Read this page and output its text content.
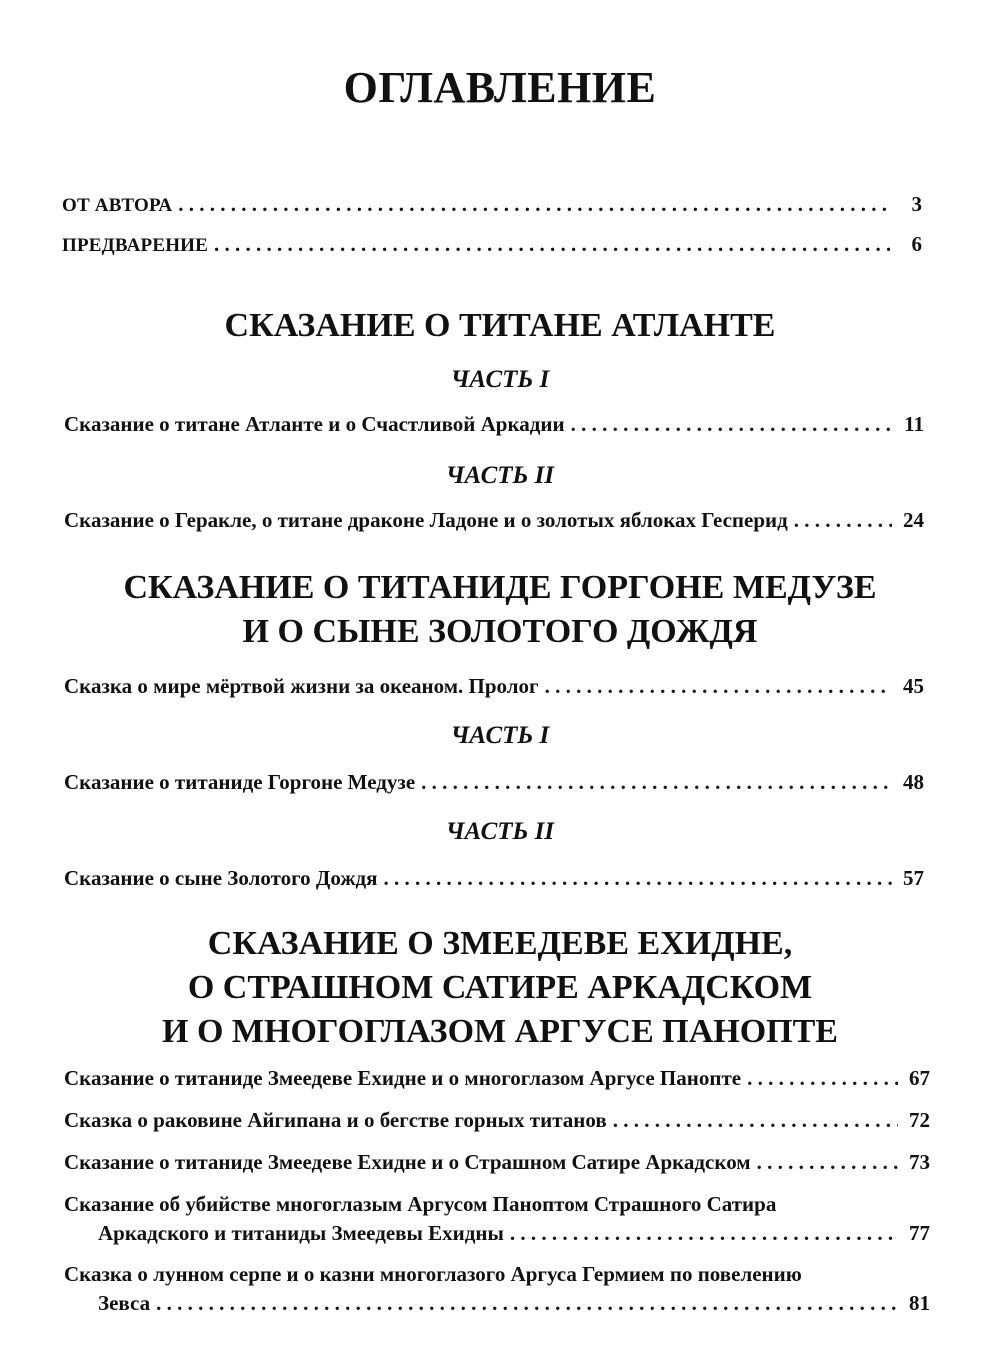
ОГЛАВЛЕНИЕ
ОТ АВТОРА . . .	3
ПРЕДВАРЕНИЕ . . .	6
СКАЗАНИЕ О ТИТАНЕ АТЛАНТЕ
ЧАСТЬ I
Сказание о титане Атланте и о Счастливой Аркадии . . .	11
ЧАСТЬ II
Сказание о Геракле, о титане драконе Ладоне и о золотых яблоках Гесперид . . .	24
СКАЗАНИЕ О ТИТАНИДЕ ГОРГОНЕ МЕДУЗЕ
И О СЫНЕ ЗОЛОТОГО ДОЖДЯ
Сказка о мире мёртвой жизни за океаном. Пролог . . .	45
ЧАСТЬ I
Сказание о титаниде Горгоне Медузе . . .	48
ЧАСТЬ II
Сказание о сыне Золотого Дождя . . .	57
СКАЗАНИЕ О ЗМЕЕДЕВЕ ЕХИДНЕ,
О СТРАШНОМ САТИРЕ АРКАДСКОМ
И О МНОГОГЛАЗОМ АРГУСЕ ПАНОПТЕ
Сказание о титаниде Змеедеве Ехидне и о многоглазом Аргусе Панопте . . .	67
Сказка о раковине Айгипана и о бегстве горных титанов . . .	72
Сказание о титаниде Змеедеве Ехидне и о Страшном Сатире Аркадском . . .	73
Сказание об убийстве многоглазым Аргусом Паноптом Страшного Сатира
Аркадского и титаниды Змеедевы Ехидны . . .	77
Сказка о лунном серпе и о казни многоглазого Аргуса Гермием по повелению
Зевса . . .	81
